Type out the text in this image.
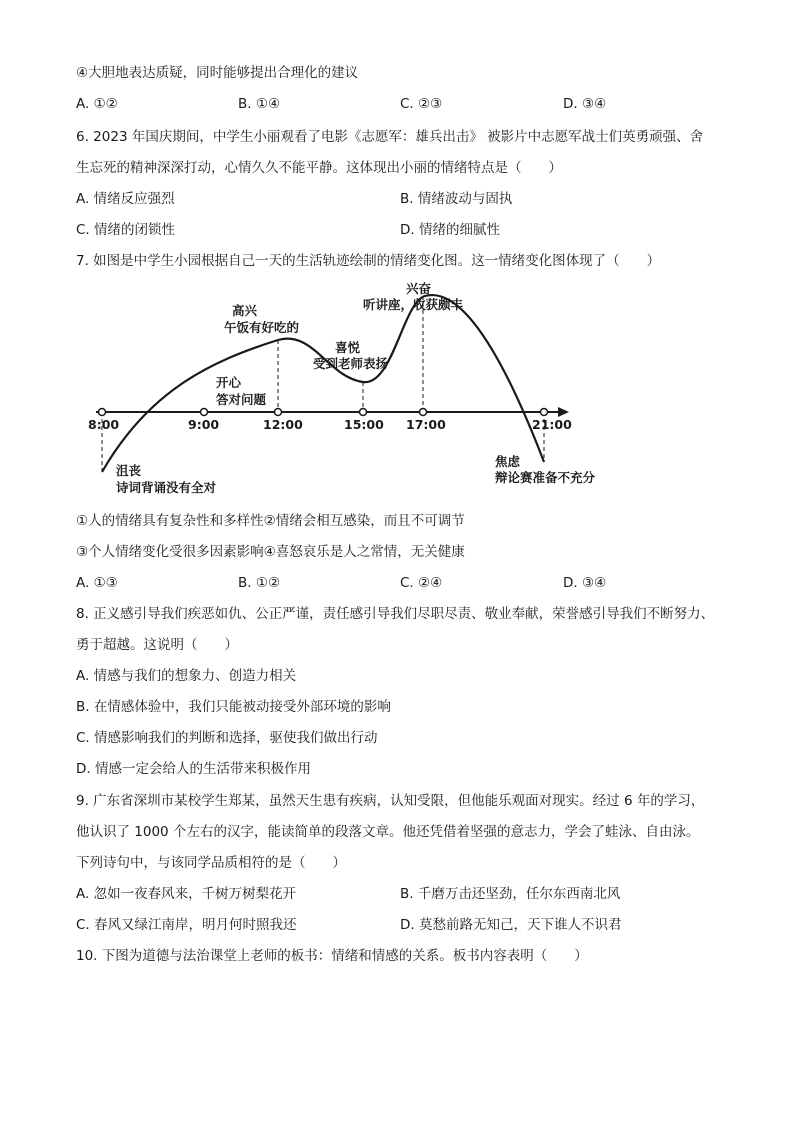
④大胆地表达质疑，同时能够提出合理化的建议
A. ①②	B. ①④	C. ②③	D. ③④
6. 2023 年国庆期间，中学生小丽观看了电影《志愿军：雄兵出击》 被影片中志愿军战士们英勇顽强、舍
生忘死的精神深深打动，心情久久不能平静。这体现出小丽的情绪特点是（　　）
A. 情绪反应强烈	B. 情绪波动与固执
C. 情绪的闭锁性	D. 情绪的细腻性
7. 如图是中学生小园根据自己一天的生活轨迹绘制的情绪变化图。这一情绪变化图体现了（　　）
8:00	9:00	12:00	15:00 17:00	21:00
沮丧
诗词背诵没有全对
开心
答对问题
高兴
午饭有好吃的
喜悦
受到老师表扬
兴奋
听讲座，收获颇丰
焦虑
辩论赛准备不充分
①人的情绪具有复杂性和多样性②情绪会相互感染，而且不可调节
③个人情绪变化受很多因素影响④喜怒哀乐是人之常情，无关健康
A. ①③	B. ①②	C. ②④	D. ③④
8. 正义感引导我们疾恶如仇、公正严谨，责任感引导我们尽职尽责、敬业奉献，荣誉感引导我们不断努力、
勇于超越。这说明（　　）
A. 情感与我们的想象力、创造力相关
B. 在情感体验中，我们只能被动接受外部环境的影响
C. 情感影响我们的判断和选择，驱使我们做出行动
D. 情感一定会给人的生活带来积极作用
9. 广东省深圳市某校学生郑某，虽然天生患有疾病，认知受限，但他能乐观面对现实。经过 6 年的学习，
他认识了 1000 个左右的汉字，能读简单的段落文章。他还凭借着坚强的意志力，学会了蛙泳、自由泳。
下列诗句中，与该同学品质相符的是（　　）
A. 忽如一夜春风来，千树万树梨花开	B. 千磨万击还坚劲，任尔东西南北风
C. 春风又绿江南岸，明月何时照我还	D. 莫愁前路无知己，天下谁人不识君
10. 下图为道德与法治课堂上老师的板书：情绪和情感的关系。板书内容表明（　　）
